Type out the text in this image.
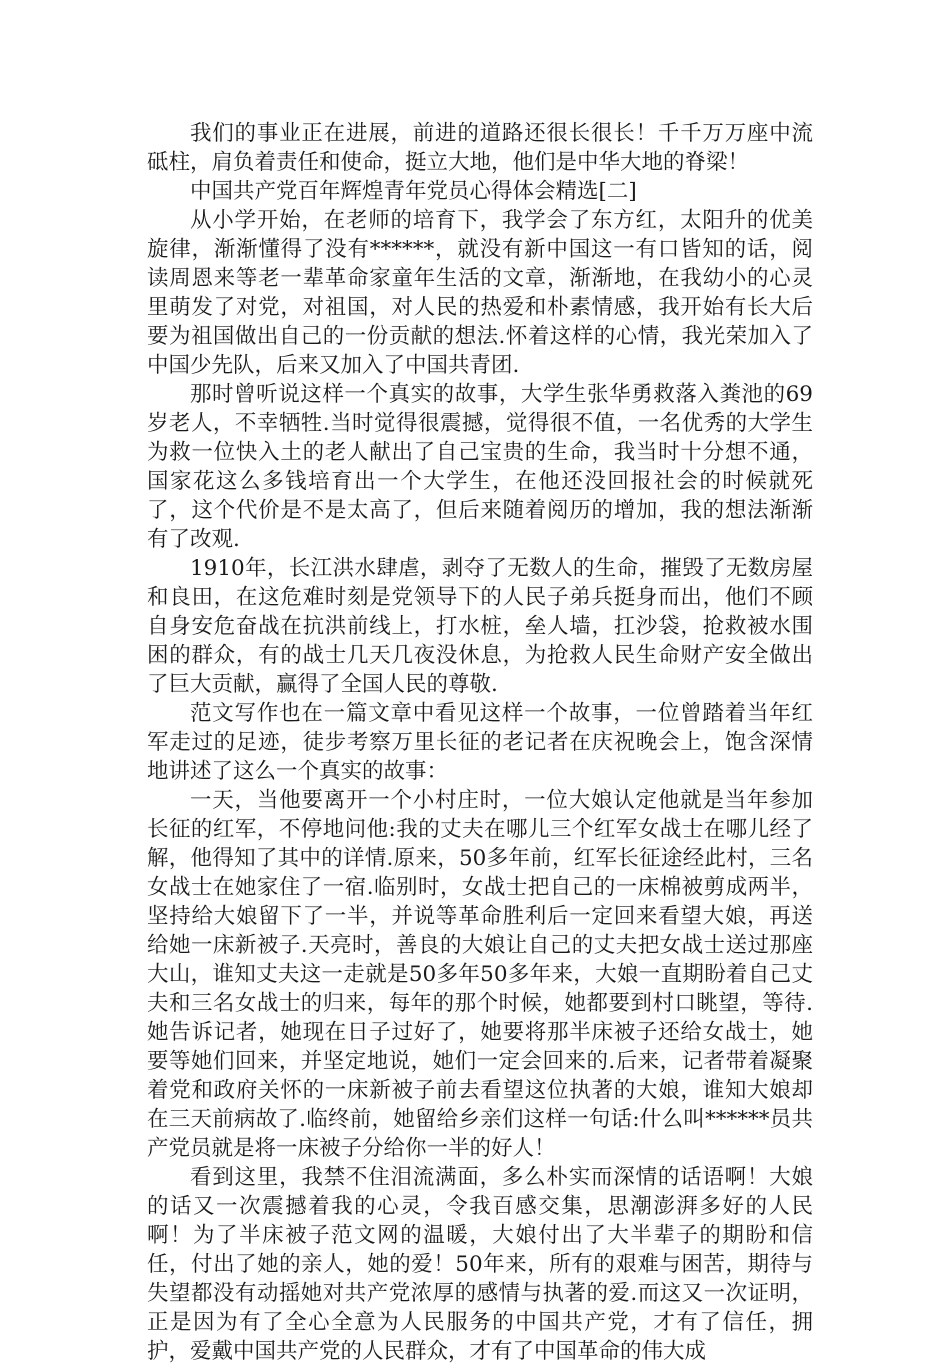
我们的事业正在进展，前进的道路还很长很长！千千万万座中流砥柱，肩负着责任和使命，挺立大地，他们是中华大地的脊梁！

中国共产党百年辉煌青年党员心得体会精选[二]

从小学开始，在老师的培育下，我学会了东方红，太阳升的优美旋律，渐渐懂得了没有******，就没有新中国这一有口皆知的话，阅读周恩来等老一辈革命家童年生活的文章，渐渐地，在我幼小的心灵里萌发了对党，对祖国，对人民的热爱和朴素情感，我开始有长大后要为祖国做出自己的一份贡献的想法.怀着这样的心情，我光荣加入了中国少先队，后来又加入了中国共青团.

那时曾听说这样一个真实的故事，大学生张华勇救落入粪池的69岁老人，不幸牺牲.当时觉得很震撼，觉得很不值，一名优秀的大学生为救一位快入土的老人献出了自己宝贵的生命，我当时十分想不通，国家花这么多钱培育出一个大学生，在他还没回报社会的时候就死了，这个代价是不是太高了，但后来随着阅历的增加，我的想法渐渐有了改观.

1910年，长江洪水肆虐，剥夺了无数人的生命，摧毁了无数房屋和良田，在这危难时刻是党领导下的人民子弟兵挺身而出，他们不顾自身安危奋战在抗洪前线上，打水桩，垒人墙，扛沙袋，抢救被水围困的群众，有的战士几天几夜没休息，为抢救人民生命财产安全做出了巨大贡献，赢得了全国人民的尊敬.

范文写作也在一篇文章中看见这样一个故事，一位曾踏着当年红军走过的足迹，徒步考察万里长征的老记者在庆祝晚会上，饱含深情地讲述了这么一个真实的故事：

一天，当他要离开一个小村庄时，一位大娘认定他就是当年参加长征的红军，不停地问他:我的丈夫在哪儿三个红军女战士在哪儿经了解，他得知了其中的详情.原来，50多年前，红军长征途经此村，三名女战士在她家住了一宿.临别时，女战士把自己的一床棉被剪成两半，坚持给大娘留下了一半，并说等革命胜利后一定回来看望大娘，再送给她一床新被子.天亮时，善良的大娘让自己的丈夫把女战士送过那座大山，谁知丈夫这一走就是50多年50多年来，大娘一直期盼着自己丈夫和三名女战士的归来，每年的那个时候，她都要到村口眺望，等待.她告诉记者，她现在日子过好了，她要将那半床被子还给女战士，她要等她们回来，并坚定地说，她们一定会回来的.后来，记者带着凝聚着党和政府关怀的一床新被子前去看望这位执著的大娘，谁知大娘却在三天前病故了.临终前，她留给乡亲们这样一句话:什么叫******员共产党员就是将一床被子分给你一半的好人！

看到这里，我禁不住泪流满面，多么朴实而深情的话语啊！大娘的话又一次震撼着我的心灵，令我百感交集，思潮澎湃多好的人民啊！为了半床被子范文网的温暖，大娘付出了大半辈子的期盼和信任，付出了她的亲人，她的爱！50年来，所有的艰难与困苦，期待与失望都没有动摇她对共产党浓厚的感情与执著的爱.而这又一次证明，正是因为有了全心全意为人民服务的中国共产党，才有了信任，拥护，爱戴中国共产党的人民群众，才有了中国革命的伟大成
